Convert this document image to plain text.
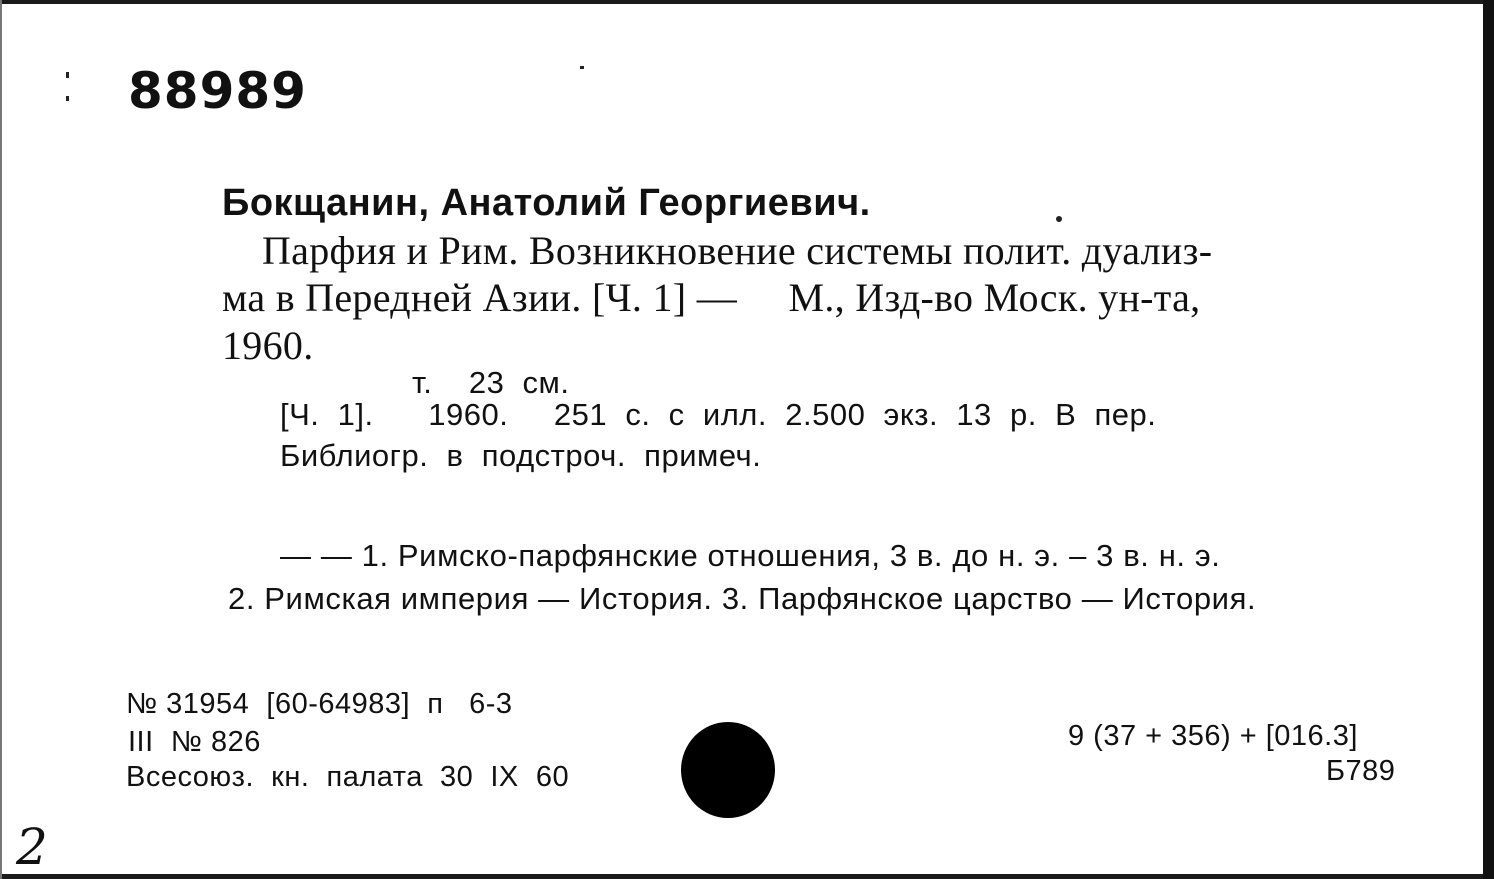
88989
Бокщанин, Анатолий Георгиевич.
Парфия и Рим. Возникновение системы полит. дуализ-
ма в Передней Азии. [Ч. 1] —     М., Изд-во Моск. ун-та,
1960.
т.    23  см.
[Ч.  1].      1960.     251  с.  с  илл.  2.500  экз.  13  р.  В  пер.
Библиогр.  в  подстроч.  примеч.
— — 1. Римско-парфянские отношения, 3 в. до н. э. – 3 в. н. э.
2. Римская империя — История. 3. Парфянское царство — История.
№ 31954  [60-64983]  п   6-3
III  № 826
Всесоюз.  кн.  палата  30  IX  60
9 (37 + 356) + [016.3]
Б789
2
